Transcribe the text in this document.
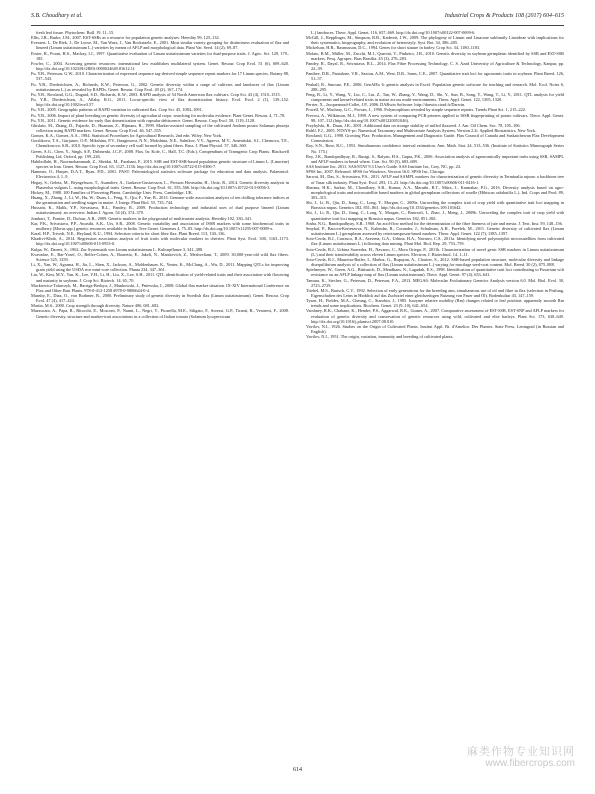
S.B. Choudhary et al.	Industrial Crops & Products 108 (2017) 604–615

fresh leaf tissue. Phytochem. Bull. 19, 11–15.

Ellis, J.R., Burke, J.M., 2007. EST-SSRs as a resource for population genetic analyses. Heredity 99, 125–132.

Everaert, I., De Riek, J., De Loose, M., Van Waes, J., Van Bockstaele, E., 2001. Most similar variety grouping for distinctness evaluation of flax and linseed (Linum usitatissimum L.) varieties by means of AFLP and morphological data. Plant Var. Seed. 14 (2), 69–87.

Foster, R., Pooni, H.S., Mackay, I.J., 1997. Quantitative evaluation of Linum usitatissimum varieties for dual-purpose traits. J. Agric. Sci. 129, 179–185.

Fowler, C., 2004. Accessing genetic resources: international law establishes multilateral system. Genet. Resour. Crop Evol. 51 (6), 609–620. http://dx.doi.org/10.1023/B:GRES.0000024649.81612.1f.

Fu, Y.B., Peterson, G.W., 2010. Characterization of expressed sequence tag-derived simple sequence repeat markers for 17 Linum species. Botany 88, 537–543.

Fu, Y.B., Diederichsen, A., Richards, K.W., Peterson, G., 2002. Genetic diversity within a range of cultivars and landraces of flax (Linum usitatissimum L.) as revealed by RAPDs. Genet. Resour. Crop Evol. 49 (2), 167–174.

Fu, Y.B., Rowland, G.G., Duguid, S.D., Richards, K.W., 2003. RAPD analysis of 54 North American flax cultivars. Crop Sci. 43 (4), 1510–1515.

Fu, Y.B., Diederichsen, A., Allaby, R.G., 2011. Locus-specific view of flax domestication history. Ecol. Evol. 2 (1), 139–152. http://dx.doi.org/10.1002/ece3.57.

Fu, Y.B., 2005. Geographic patterns of RAPD variation in cultivated flax. Crop Sci. 45, 1084–1091.

Fu, Y.B., 2006. Impact of plant breeding on genetic diversity of agricultural crops: searching for molecular evidence. Plant Genet. Resour. 4, 71–78.

Fu, Y.B., 2011. Genetic evidence for early flax domestication with capsular dehiscence. Genet. Resour. Crop Evol. 58, 1119–1128.

Ghislain, M., Zhang, D., Fajardo, D., Huaman, Z., Hijmans, R., 1999. Marker-assisted sampling of the cultivated Andean potato Solanum phureja collection using RAPD markers. Genet. Resour. Crop Evol. 46, 547–555.

Gomez, K.A., Gomez, A.A., 1984. Statistical Procedures for Agricultural Research, 2nd edn. Wiley, New York.

Gorshkova, T.A., Gurjanov, O.P., Mikshina, P.V., Ibragimova, N.N., Mokshina, N.E., Salnikov, V.V., Ageeva, M.V., Amenitskii, S.I., Chernova, T.E., Chemikosova, S.B., 2010. Specific type of secondary cell wall formed by plant fibers. Russ. J. Plant Physiol. 57, 346–360.

Green, A.G., Chen, Y., Singh, S.P., Dribnenki, J.C.P., 2008. Flax. In: Kole, C., Hall, T.C. (Eds.), Compendium of Transgenic Crop Plants. Blackwell Publishing Ltd, Oxford, pp. 199–226.

Habibollahi, H., Noormohammadi, Z., Sheidai, M., Farahani, F., 2015. SSR and EST-SSR-based population genetic structure of Linum L. (Linaceae) species in Iran. Genet. Resour. Crop Evol. 63, 1127–1136. http://dx.doi.org/10.1007/s10722-015-0306-7.

Hammer, O., Harper, D.A.T., Ryan, P.D., 2001. PAST: Paleontological statistics software package for education and data analysis. Palaeontol. Electronica 4, 1–9.

Hegay, S., Geleta, M., Bryngelsson, T., Asanaliev, A., Garkava-Gustavsson, L., Persson Hovmalm, H., Ortiz, R., 2014. Genetic diversity analysis in Phaseolus vulgaris L. using morphological traits. Genet. Resour. Crop Evol. 61, 555–566. http://dx.doi.org/10.1007/s10722-013-0056-3.

Hickey, M., 1988. 100 Families of Flowering Plants. Cambridge Univ. Press, Cambridge, UK.

Huang, X., Zhang, J., Li, W., Hu, W., Duan, L., Feng, Y., Qiu, F., Yue, B., 2013. Genome-wide association analysis of ten chilling tolerance indices at the germination and seedling stages in maize. J. Integr. Plant Biol. 55, 735–744.

Hussain, K., Malik, Y.P., Srivastava, R.L., Pandey, R., 2009. Production technology and industrial uses of dual purpose linseed (Linum usitatissimum): an overview. Indian J. Agron. 54 (4), 374–379.

Jombart, T., Pontier, D., Dufour, A.B., 2009. Genetic markers in the playground of multivariate analysis. Heredity 102, 330–341.

Kar, P.K., Srivastava, P.P., Awasthi, A.K., Urs, S.R., 2008. Genetic variability and association of ISSR markers with some biochemical traits in mulberry (Morus spp.) genetic resources available in India. Tree Genet. Genomes 4, 75–83. http://dx.doi.org/10.1007/s11295-007-0089-x.

Karal, H.P., Trivedi, N.E., Heyland, K.U., 1994. Selection criteria for short fibre flax. Plant Breed. 113, 130–136.

Khadivi-Khub, A., 2014. Regression association analysis of fruit traits with molecular markers in cherries. Plant Syst. Evol. 300, 1163–1173. http://dx.doi.org/10.1007/s00606-013-0953-0.

Kulpa, W., Danert, S., 1962. Zur Systematik von Linum usitatissimum L. Kulturpflanze 3, 341–388.

Kvavadze, E., Bar-Yosef, O., Belfer-Cohen, A., Boaretto, E., Jakeli, N., Matskevich, Z., Meshveliani, T., 2009. 30,000-year-old wild flax fibers. Science 325, 1359.

Li, X., Yan, W., Agrama, H., Jia, L., Shen, X., Jackson, A., Moldenhauer, K., Yeater, K., McClung, A., Wu, D., 2011. Mapping QTLs for improving grain yield using the USDA rice mini-core collection. Planta 234, 347–361.

Liu, W., Kim, M.Y., Van, K., Lee, Y.H., Li, H., Liu, X., Lee, S.H., 2011. QTL identification of yield-related traits and their association with flowering and maturity in soybean. J. Crop Sci. Biotech. 14, 65–70.

Mackiewicz-Talarczyk, M., Barriga-Bedoya, J., Mankowski, J., Pniewska, I., 2008. Global flax market situation. IX-XIV International Conference on Flax and Other Bast Plants. 978-0-412-1258 #978-0-9806644-0-4.

Mansby, E., Diaz, O., von Bothmer, R., 2000. Preliminary study of genetic diversity in Swedish flax (Linum usitatissimum). Genet. Resour. Crop Evol. 47 (4), 417–424.

Martin, M.S., 2000. Crop strength through diversity. Nature 406, 681–682.

Mazzucato, A., Papa, R., Bitocchi, E., Mosconi, P., Nanni, L., Negri, V., Picarella, M.E., Siligato, F., Soressi, G.P., Tiranti, B., Veronesi, F., 2008. Genetic diversity, structure and marker-trait associations in a collection of Italian tomato (Solanum lycopersicum

L.) landraces. Theor. Appl. Genet. 116, 657–669. http://dx.doi.org/10.1007/s00122-007-0699-6.

McGill, J., Repplinger, M., Simpson, B.B., Kadereit, J.W., 2009. The phylogeny of Linum and Linaceae subfamily Linoideae with implications for their systematics, biogeography, and evolution of heterostyly. Syst. Bot. 34, 386–405.

Mickelson, H.R., Rasmusson, D.C., 1994. Genes for short stature in barley. Crop Sci. 34, 1180–1183.

Molato, B.M., Müller, M., Zucchi, M.I., Quecini, V., Pinheiro, J.B., 2010. Genetic diversity in soybean germplasm identified by SSR and EST-SSR markers. Pesq. Agropec. Bras Brasília. 45 (3), 276–283.

Pandey, R., Dayal, R., Srivastava, R.L., 2014. Flax Fibre Processing Technology. C. S. Azad University of Agriculture & Technology, Kanpur, pp. 22–39.

Panthee, D.R., Pantalone, V.R., Saxton, A.M., West, D.R., Sams, C.E., 2007. Quantitative trait loci for agronomic traits in soybean. Plant Breed. 126, 51–57.

Peakall, R., Smouse, P.E., 2006. GenAlEx 6: genetic analysis in Excel. Population genetic software for teaching and research. Mol. Ecol. Notes 6, 288–295.

Peng, B., Li, Y., Wang, Y., Liu, C., Liu, Z., Tan, W., Zhang, Y., Wang, D., Shi, Y., Sun, B., Song, Y., Wang, T., Li, Y., 2011. QTL analysis for yield components and kernel-related traits in maize across multi-environments. Theor. Appl. Genet. 122, 1305–1320.

Perrier, X., Jacquemoud-Collet, J.P., 2006. DARwin Software. http://darwin.cirad.fr/Darwin.

Powell, W., Machray, G.C., Provan, J., 1996. Polymorphism revealed by simple sequence repeats. Trends Plant Sci. 1, 215–222.

Prevost, A., Wilkinson, M.J., 1999. A new system of comparing PCR primers applied to ISSR fingerprinting of potato cultivars. Theor. Appl. Genet. 98, 107–112 (http://dx.doi.org/10.1007/s001220051046).

Przybylski, R., Daun, J.K., 2001. Additional data on storage stability of milled flaxseed. J. Am. Oil Chem. Soc. 78, 105–106.

Rohlf, F.J., 2005. NTSYS-pc: Numerical Taxonomy and Multivariate Analysis System, Version 2.2i. Applied Biostatistics, New York.

Rowland, G.G., 1998. Growing Flax: Production, Management and Diagnostic Guide. Flax Council of Canada and Saskatchewan Flax Development Commission.

Roy, S.N., Bose, R.C., 1953. Simultaneous confidence interval estimation. Ann. Math. Stat. 24, 513–536. (Institute of Statistics Mimeograph Series No. 175.)

Roy, J.K., Bandopadhyay, R., Rustgi, S., Balyan, H.S., Gupta, P.K., 2006. Association analysis of agronomically important traits using SSR, SAMPL and AFLP markers in bread wheat. Curr. Sci. 90 (5), 683–689.

SAS Institute Inc, 2011. SAS/STAT 9.3 User's Guide. SAS Institute Inc, Cary, NC, pp. 24.

SPSS Inc, 2007. Released. SPSS for Windows, Version 16.0. SPSS Inc, Chicago.

Sarwat, M., Das, S., Srivastava, P.S., 2011. AFLP and SAMPL markers for characterization of genetic diversity in Terminalia arjuna: a backbone tree of Tasar silk industry. Plant Syst. Evol. 293, 13–23. http://dx.doi.org/10.1007/s00606-011-0416-1.

Sharma, H.K., Sarkar, M., Choudhary, S.B., Kumar, A.A., Maruthi, R.T., Mitra, J., Karmakar, P.G., 2016. Diversity analysis based on agro-morphological traits and microsatellite based markers in global germplasm collections of roselle (Hibiscus sabdariffa L.). Ind. Crops and Prod. 89, 303–315.

Shi, J., Li, R., Qiu, D., Jiang, C., Long, Y., Morgan, C., 2009a. Unraveling the complex trait of crop yield with quantitative trait loci mapping in Brassica napus. Genetics 182, 851–861. http://dx.doi.org/10.1534/genetics.109.101642.

Shi, J., Li, R., Qiu, D., Jiang, C., Long, Y., Morgan, C., Bancroft, I., Zhao, J., Meng, J., 2009b. Unraveling the complex trait of crop yield with quantitative trait loci mapping in Brassica napus. Genetics 182, 851–861.

Sinha, N.G., Bandopadhyay, S.B., 1968. An acid-flow method for the determination of the fibre fineness of jute and mesta. J. Text. Inst. 59, 148–156.

Smykal, P., Bacova-Kerteszova, N., Kalendar, R., Corander, J., Schulman, A.H., Pavelek, M., 2011. Genetic diversity of cultivated flax (Linum usitatissimum L.) germplasm assessed by retrotransposon-based markers. Theor. Appl. Genet. 122 (7), 1385–1397.

Soto-Cerda, B.J., Carrasco, R.A., Aravena, G.A., Urbina, H.A., Navarro, C.S., 2011a. Identifying novel polymorphic microsatellites from cultivated flax (Linum usitatissimum L.) following data mining. Plant Mol. Biol. Rep. 29, 753–759.

Soto-Cerda, B.J., Urbina Saavedra, H., Navarro, C., Mora Ortega, P., 2011b. Characterization of novel genic SSR markers in Linum usitatissimum (L.) and their transferability across eleven Linum species. Electron. J. Biotechnol. 14, 1–11.

Soto-Cerda, B.J., Maureira-Butler, I., Muñoz, G., Rupayan, A., Cloutier, S., 2012. SSR-based population structure, molecular diversity and linkage disequilibrium analysis of a collection of flax (Linum usitatissimum L.) varying for mucilage seed-coat content. Mol. Breed. 30 (2), 875–888.

Spielmeyer, W., Green, A.G., Bittisnich, D., Mendham, N., Lagudah, E.S., 1998. Identification of quantitative trait loci contributing to Fusarium wilt resistance on an AFLP linkage map of flax (Linum usitatissimum). Theor. Appl. Genet. 97 (4), 633–641.

Tamura, K., Stecher, G., Peterson, D., Peterson, F.A., 2013. MEGA6: Molecular Evolutionary Genetics Analysis version 6.0. Mol. Biol. Evol. 30, 2725–2729.

Triebel, M.S., Bartsch, C.V., 1992. Selection of early generations for the breeding aim, simultaneous use of oil and fibre in flax (selection in Prüfung, Eigenschaften des Leins in Hinblick auf das Zuchtziel einer gleichzeitigen Nutzung von Faser und Öl). Bodenkultur 43, 147–159.

Tyson, H., Fieldes, M.A., Cheung, C., Starobin, J., 1985. Isozyme relative mobility (Rm) changes related to leaf position: apparently smooth Rm trends and some implications. Biochem. Genet. 23 (9–10), 641–654.

Varshney, R.K., Chabane, K., Hendre, P.S., Aggarwal, R.K., Graner, A., 2007. Comparative assessment of EST-SSR, EST-SNP and AFLP markers for evaluation of genetic diversity and conservation of genetic resources using wild, cultivated and elite barleys. Plant Sci. 173, 638–649. http://dx.doi.org/10.1016/j.plantsci.2007.08.010.

Vavilov, N.I., 1926. Studies on the Origin of Cultivated Plants. Institut Appl. Bt. d'Amelior. Des Plantes. State Press, Leningrad (in Russian and English).

Vavilov, N.I., 1951. The origin, variation, immunity and breeding of cultivated plants.

614
麻类作物专业知识网
www.fibercrops.com
